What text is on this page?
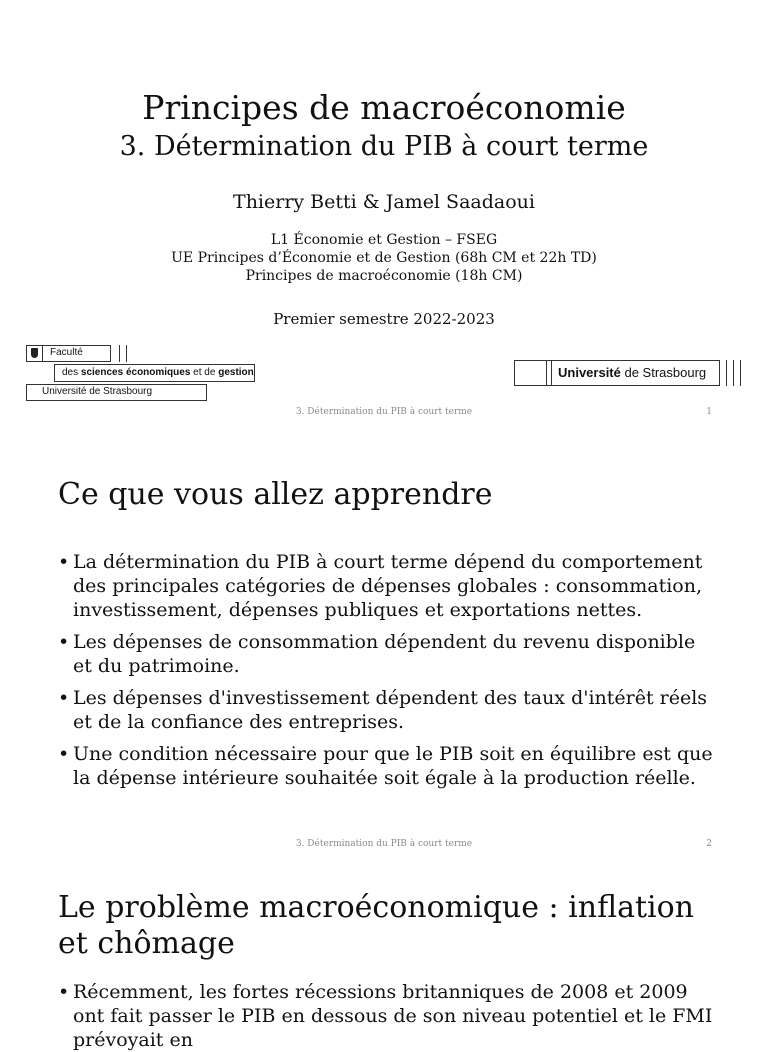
Principes de macroéconomie
3. Détermination du PIB à court terme
Thierry Betti & Jamel Saadaoui
L1 Économie et Gestion – FSEG
UE Principes d’Économie et de Gestion (68h CM et 22h TD)
Principes de macroéconomie (18h CM)
Premier semestre 2022-2023
Faculté
des sciences économiques et de gestion
Université de Strasbourg
Université de Strasbourg
3. Détermination du PIB à court terme	1
Ce que vous allez apprendre
• La détermination du PIB à court terme dépend du comportement des principales catégories de dépenses globales : consommation, investissement, dépenses publiques et exportations nettes.
• Les dépenses de consommation dépendent du revenu disponible et du patrimoine.
• Les dépenses d'investissement dépendent des taux d'intérêt réels et de la confiance des entreprises.
• Une condition nécessaire pour que le PIB soit en équilibre est que la dépense intérieure souhaitée soit égale à la production réelle.
3. Détermination du PIB à court terme	2
Le problème macroéconomique : inflation et chômage
• Récemment, les fortes récessions britanniques de 2008 et 2009 ont fait passer le PIB en dessous de son niveau potentiel et le FMI prévoyait en
